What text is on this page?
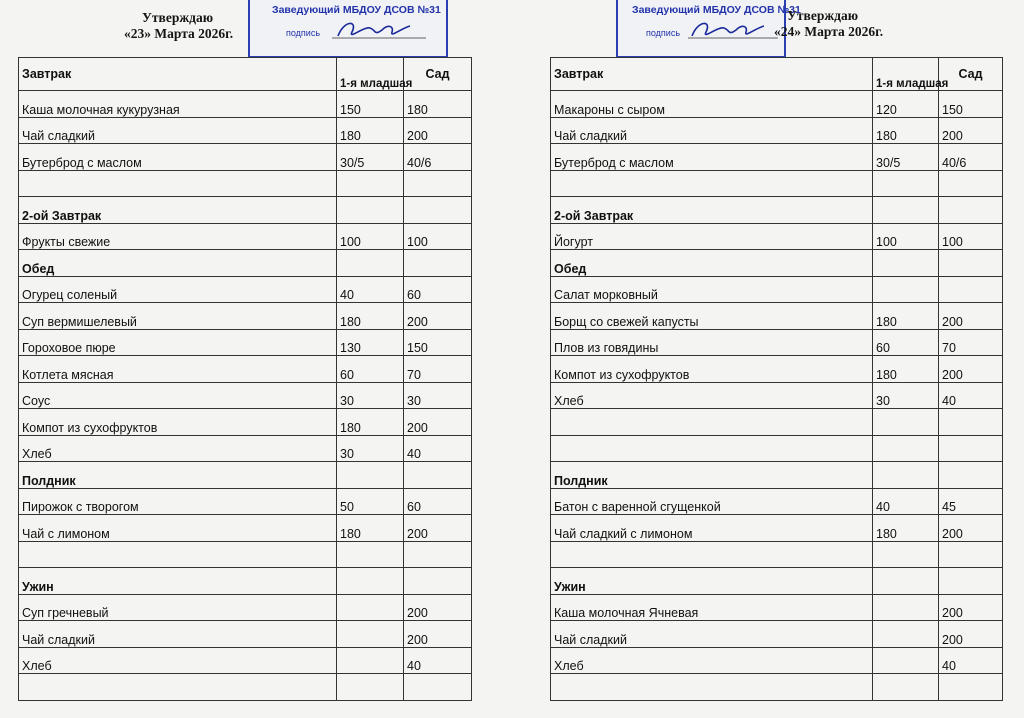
Утверждаю
«23» Марта 2026г.
Заведующий МБДОУ ДСОВ №31
подпись
Завтрак	1-я младшая	Сад
Каша молочная кукурузная	150	180
Чай сладкий	180	200
Бутерброд с маслом	30/5	40/6

2-ой Завтрак		
Фрукты свежие	100	100
Обед		
Огурец соленый	40	60
Суп вермишелевый	180	200
Гороховое пюре	130	150
Котлета мясная	60	70
Соус	30	30
Компот из сухофруктов	180	200
Хлеб	30	40
Полдник		
Пирожок с творогом	50	60
Чай с лимоном	180	200

Ужин		
Суп гречневый		200
Чай сладкий		200
Хлеб		40

Заведующий МБДОУ ДСОВ №31
подпись
Утверждаю
«24» Марта 2026г.
Завтрак	1-я младшая	Сад
Макароны с сыром	120	150
Чай сладкий	180	200
Бутерброд с маслом	30/5	40/6

2-ой Завтрак		
Йогурт	100	100
Обед		
Салат морковный		
Борщ со свежей капусты	180	200
Плов из говядины	60	70
Компот из сухофруктов	180	200
Хлеб	30	40

Полдник		
Батон с варенной сгущенкой	40	45
Чай сладкий с лимоном	180	200

Ужин		
Каша молочная Ячневая		200
Чай сладкий		200
Хлеб		40
